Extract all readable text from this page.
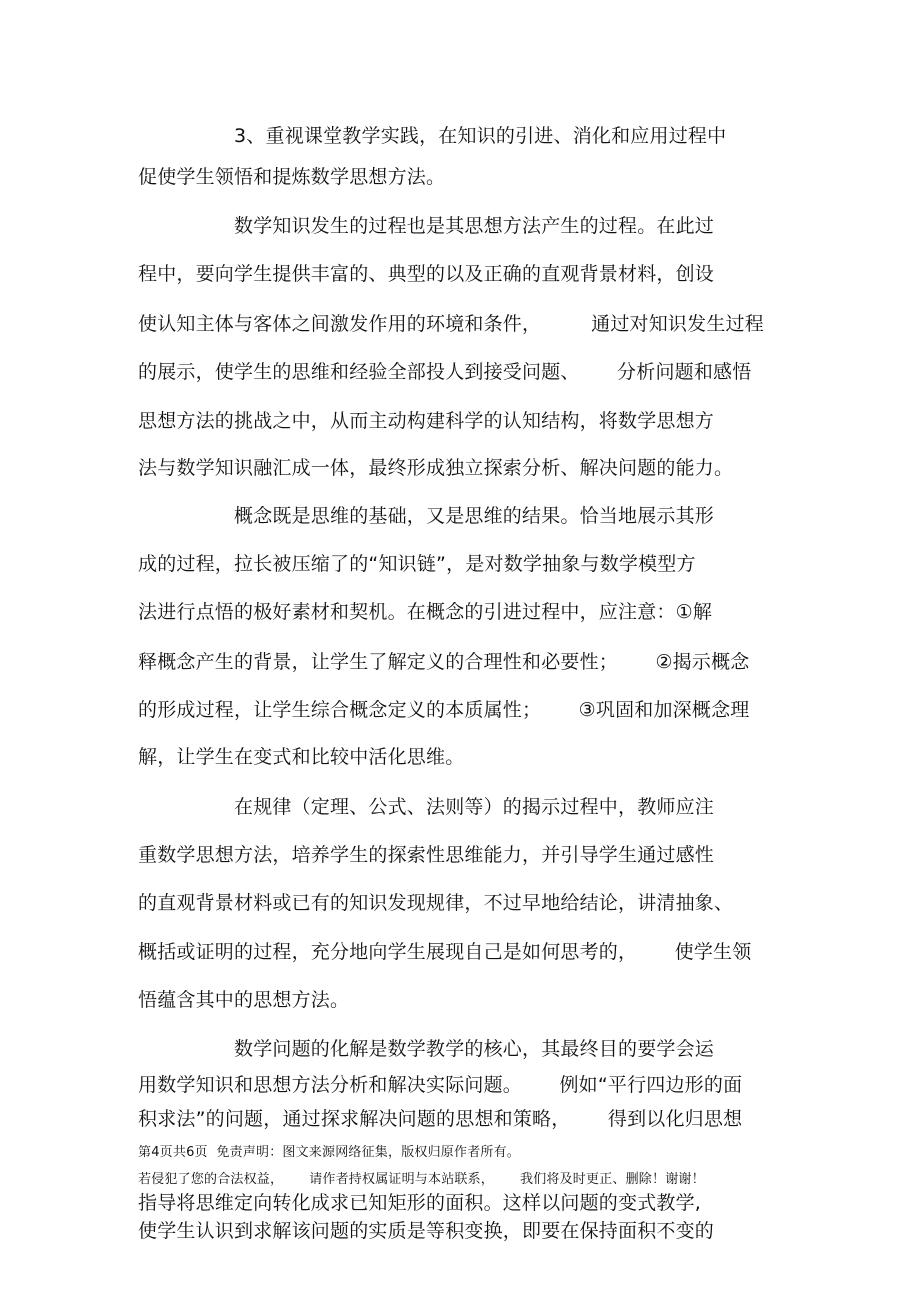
3、重视课堂教学实践，在知识的引进、消化和应用过程中
促使学生领悟和提炼数学思想方法。
数学知识发生的过程也是其思想方法产生的过程。在此过
程中，要向学生提供丰富的、典型的以及正确的直观背景材料，创设
使认知主体与客体之间激发作用的环境和条件，        通过对知识发生过程
的展示，使学生的思维和经验全部投人到接受问题、      分析问题和感悟
思想方法的挑战之中，从而主动构建科学的认知结构，将数学思想方
法与数学知识融汇成一体，最终形成独立探索分析、解决问题的能力。
概念既是思维的基础，又是思维的结果。恰当地展示其形
成的过程，拉长被压缩了的“知识链”，是对数学抽象与数学模型方
法进行点悟的极好素材和契机。在概念的引进过程中，应注意：①解
释概念产生的背景，让学生了解定义的合理性和必要性；      ②揭示概念
的形成过程，让学生综合概念定义的本质属性；      ③巩固和加深概念理
解，让学生在变式和比较中活化思维。
在规律（定理、公式、法则等）的揭示过程中，教师应注
重数学思想方法，培养学生的探索性思维能力，并引导学生通过感性
的直观背景材料或已有的知识发现规律，不过早地给结论，讲清抽象、
概括或证明的过程，充分地向学生展现自己是如何思考的，      使学生领
悟蕴含其中的思想方法。
数学问题的化解是数学教学的核心，其最终目的要学会运
用数学知识和思想方法分析和解决实际问题。      例如“平行四边形的面
积求法”的问题，通过探求解决问题的思想和策略，      得到以化归思想
第4页共6页  免责声明：图文来源网络征集，版权归原作者所有。
若侵犯了您的合法权益，      请作者持权属证明与本站联系，      我们将及时更正、删除！谢谢！
指导将思维定向转化成求已知矩形的面积。这样以问题的变式教学,
使学生认识到求解该问题的实质是等积变换，即要在保持面积不变的
